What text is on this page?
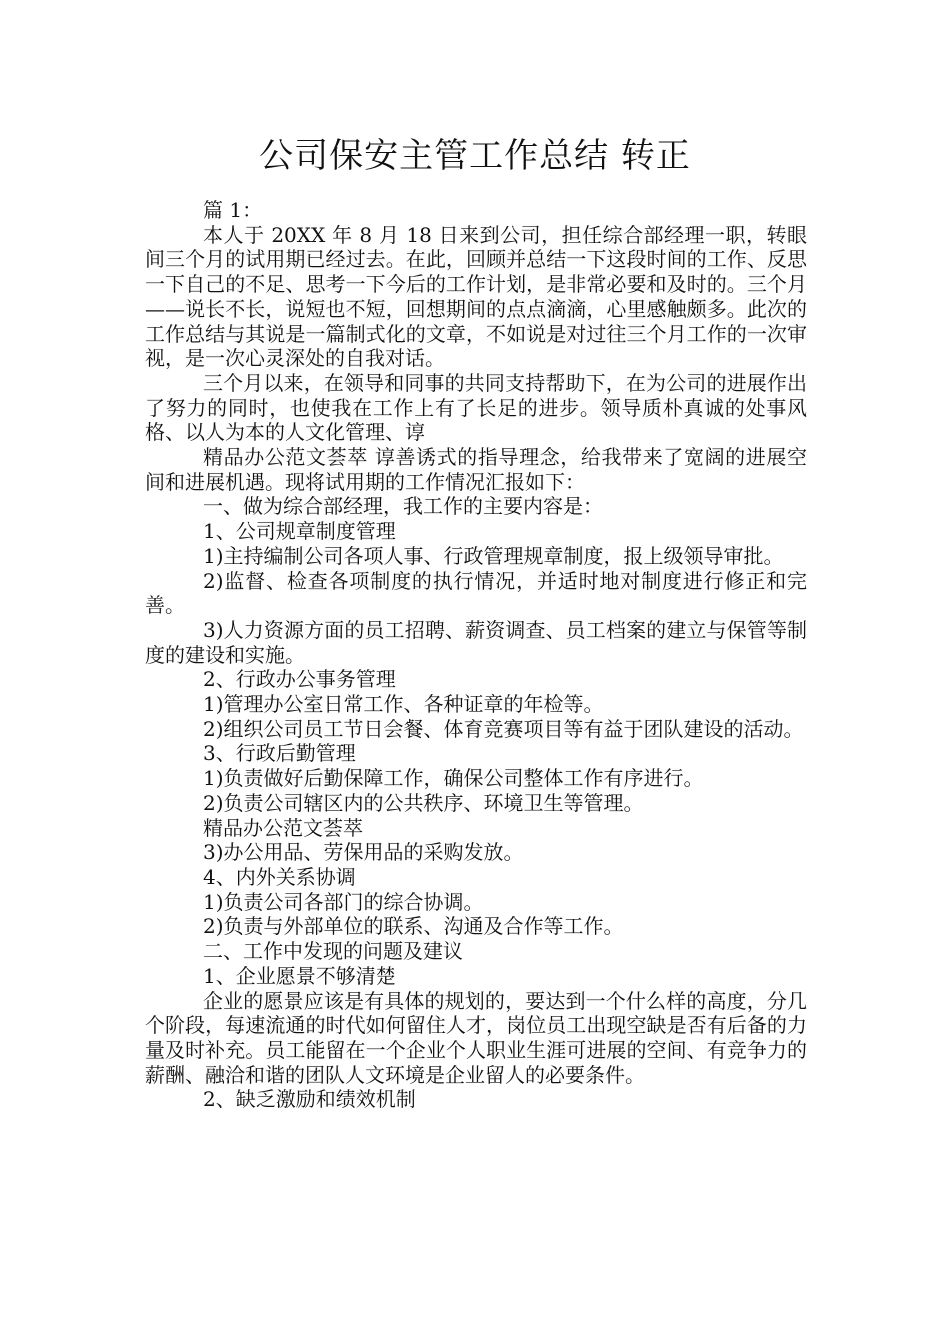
公司保安主管工作总结 转正

篇 1：

本人于 20XX 年 8 月 18 日来到公司，担任综合部经理一职，转眼间三个月的试用期已经过去。在此，回顾并总结一下这段时间的工作、反思一下自己的不足、思考一下今后的工作计划，是非常必要和及时的。三个月——说长不长，说短也不短，回想期间的点点滴滴，心里感触颇多。此次的工作总结与其说是一篇制式化的文章，不如说是对过往三个月工作的一次审视，是一次心灵深处的自我对话。

三个月以来，在领导和同事的共同支持帮助下，在为公司的进展作出了努力的同时，也使我在工作上有了长足的进步。领导质朴真诚的处事风格、以人为本的人文化管理、谆

精品办公范文荟萃 谆善诱式的指导理念，给我带来了宽阔的进展空间和进展机遇。现将试用期的工作情况汇报如下：

一、做为综合部经理，我工作的主要内容是：

1、公司规章制度管理

1)主持编制公司各项人事、行政管理规章制度，报上级领导审批。

2)监督、检查各项制度的执行情况，并适时地对制度进行修正和完善。

3)人力资源方面的员工招聘、薪资调查、员工档案的建立与保管等制度的建设和实施。

2、行政办公事务管理

1)管理办公室日常工作、各种证章的年检等。

2)组织公司员工节日会餐、体育竞赛项目等有益于团队建设的活动。

3、行政后勤管理

1)负责做好后勤保障工作，确保公司整体工作有序进行。

2)负责公司辖区内的公共秩序、环境卫生等管理。

精品办公范文荟萃

3)办公用品、劳保用品的采购发放。

4、内外关系协调

1)负责公司各部门的综合协调。

2)负责与外部单位的联系、沟通及合作等工作。

二、工作中发现的问题及建议

1、企业愿景不够清楚

企业的愿景应该是有具体的规划的，要达到一个什么样的高度，分几个阶段，每速流通的时代如何留住人才，岗位员工出现空缺是否有后备的力量及时补充。员工能留在一个企业个人职业生涯可进展的空间、有竞争力的薪酬、融洽和谐的团队人文环境是企业留人的必要条件。

2、缺乏激励和绩效机制
